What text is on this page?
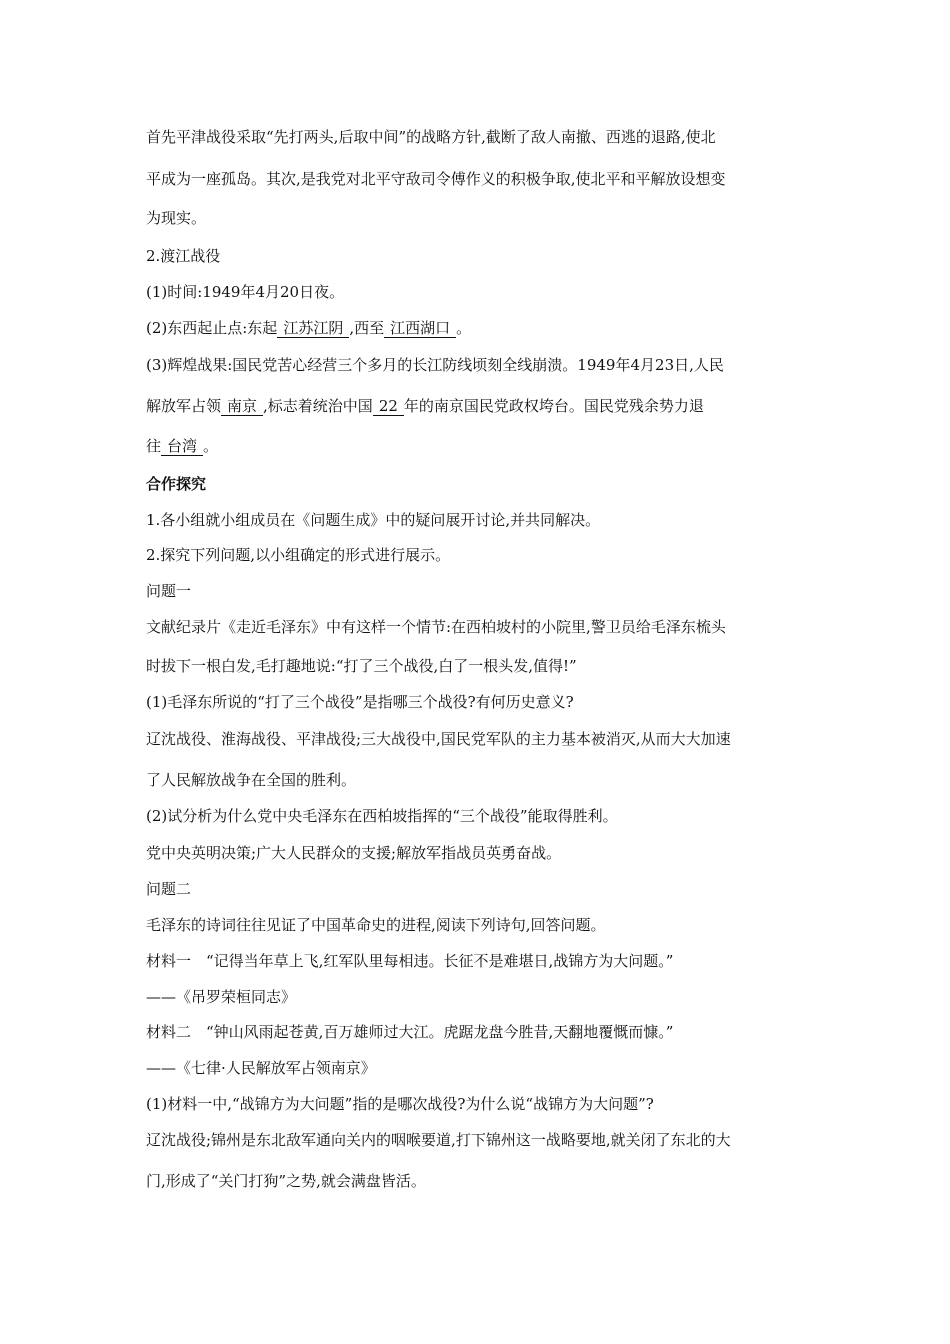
首先平津战役采取“先打两头,后取中间”的战略方针,截断了敌人南撤、西逃的退路,使北
平成为一座孤岛。其次,是我党对北平守敌司令傅作义的积极争取,使北平和平解放设想变
为现实。
2.渡江战役
(1)时间:1949年4月20日夜。
(2)东西起止点:东起 江苏江阴 ,西至 江西湖口 。
(3)辉煌战果:国民党苦心经营三个多月的长江防线顷刻全线崩溃。1949年4月23日,人民
解放军占领 南京 ,标志着统治中国 22 年的南京国民党政权垮台。国民党残余势力退
往 台湾 。
合作探究
1.各小组就小组成员在《问题生成》中的疑问展开讨论,并共同解决。
2.探究下列问题,以小组确定的形式进行展示。
问题一
文献纪录片《走近毛泽东》中有这样一个情节:在西柏坡村的小院里,警卫员给毛泽东梳头
时拔下一根白发,毛打趣地说:“打了三个战役,白了一根头发,值得!”
(1)毛泽东所说的“打了三个战役”是指哪三个战役?有何历史意义?
辽沈战役、淮海战役、平津战役;三大战役中,国民党军队的主力基本被消灭,从而大大加速
了人民解放战争在全国的胜利。
(2)试分析为什么党中央毛泽东在西柏坡指挥的“三个战役”能取得胜利。
党中央英明决策;广大人民群众的支援;解放军指战员英勇奋战。
问题二
毛泽东的诗词往往见证了中国革命史的进程,阅读下列诗句,回答问题。
材料一　“记得当年草上飞,红军队里每相违。长征不是难堪日,战锦方为大问题。”
——《吊罗荣桓同志》
材料二　“钟山风雨起苍黄,百万雄师过大江。虎踞龙盘今胜昔,天翻地覆慨而慷。”
——《七律·人民解放军占领南京》
(1)材料一中,“战锦方为大问题”指的是哪次战役?为什么说“战锦方为大问题”?
辽沈战役;锦州是东北敌军通向关内的咽喉要道,打下锦州这一战略要地,就关闭了东北的大
门,形成了“关门打狗”之势,就会满盘皆活。
